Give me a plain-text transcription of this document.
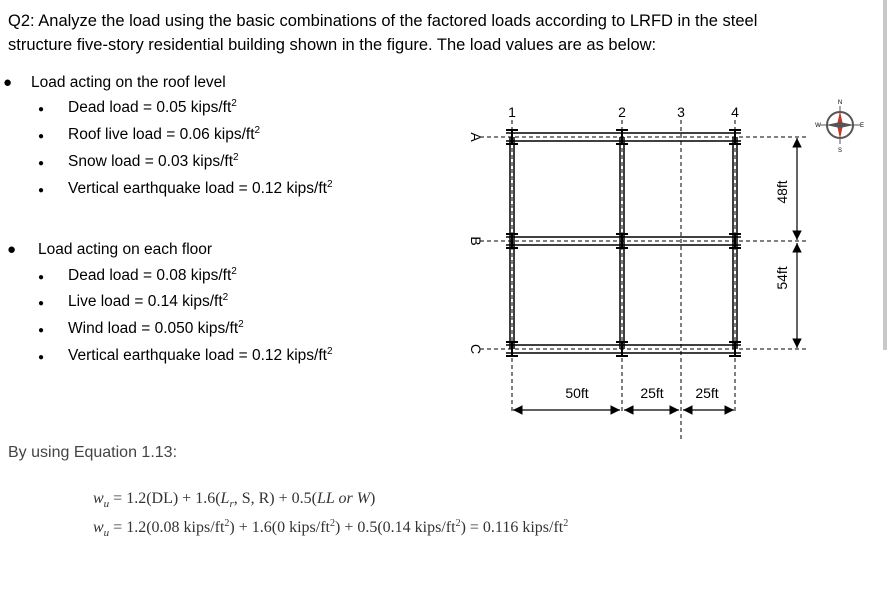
Q2: Analyze the load using the basic combinations of the factored loads according to LRFD in the steel structure five-story residential building shown in the figure. The load values are as below:

● Load acting on the roof level
● Dead load = 0.05 kips/$ft^2$
● Roof live load = 0.06 kips/$ft^2$
● Snow load = 0.03 kips/$ft^2$
● Vertical earthquake load = 0.12 kips/$ft^2$
● Load acting on each floor
● Dead load = 0.08 kips/$ft^2$
● Live load = 0.14 kips/$ft^2$
● Wind load = 0.050 kips/$ft^2$
● Vertical earthquake load = 0.12 kips/$ft^2$
1	2	3	4
A
B
C
50ft	25ft 25ft
48ft
54ft
N
S
W	E
By using Equation 1.13:
$w_u = 1.2(DL) + 1.6(L_r$, S, R) + 0.5(LL or W)
$w_u = 1.2(0.08$ kips/$ft^2) + 1.6(0$ kips/$ft^2) + 0.5(0.14$ kips/$ft^2) = 0.116$ kips/$ft^2$
